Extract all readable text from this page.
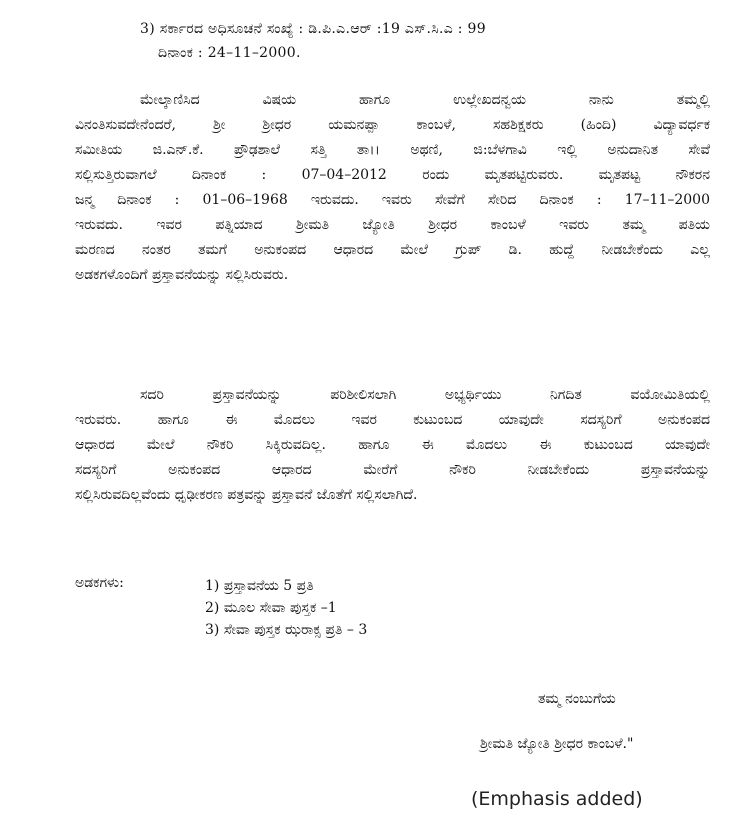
3) ಸರ್ಕಾರದ ಅಧಿಸೂಚನೆ ಸಂಖ್ಯೆ : ಡಿ.ಪಿ.ಎ.ಆರ್ :19 ಎಸ್.ಸಿ.ಎ : 99
ದಿನಾಂಕ : 24–11–2000.

ಮೇಲ್ಕಾಣಿಸಿದ ವಿಷಯ ಹಾಗೂ ಉಲ್ಲೇಖದನ್ವಯ ನಾನು ತಮ್ಮಲ್ಲಿ
ವಿನಂತಿಸುವದೇನೆಂದರೆ, ಶ್ರೀ ಶ್ರೀಧರ ಯಮನಪ್ಪಾ ಕಾಂಬಳೆ, ಸಹಶಿಕ್ಷಕರು (ಹಿಂದಿ) ವಿದ್ಯಾವರ್ಧಕ
ಸಮೀತಿಯ ಜಿ.ಎನ್.ಕೆ. ಪ್ರೌಢಶಾಲೆ ಸತ್ತಿ ತಾ।। ಅಥಣಿ, ಜಿ:ಬೆಳಗಾವಿ ಇಲ್ಲಿ ಅನುದಾನಿತ ಸೇವೆ
ಸಲ್ಲಿಸುತ್ತಿರುವಾಗಲೆ ದಿನಾಂಕ : 07–04–2012 ರಂದು ಮೃತಪಟ್ಟಿರುವರು. ಮೃತಪಟ್ಟ ನೌಕರನ
ಜನ್ಮ ದಿನಾಂಕ : 01–06–1968 ಇರುವದು. ಇವರು ಸೇವೆಗೆ ಸೇರಿದ ದಿನಾಂಕ : 17–11–2000
ಇರುವದು. ಇವರ ಪತ್ನಿಯಾದ ಶ್ರೀಮತಿ ಜ್ಯೋತಿ ಶ್ರೀಧರ ಕಾಂಬಳೆ ಇವರು ತಮ್ಮ ಪತಿಯ
ಮರಣದ ನಂತರ ತಮಗೆ ಅನುಕಂಪದ ಆಧಾರದ ಮೇಲೆ ಗ್ರುಪ್ ಡಿ. ಹುದ್ದೆ ನೀಡಬೇಕೆಂದು ಎಲ್ಲ
ಅಡಕಗಳೊಂದಿಗೆ ಪ್ರಸ್ತಾವನೆಯನ್ನು ಸಲ್ಲಿಸಿರುವರು.

ಸದರಿ ಪ್ರಸ್ತಾವನೆಯನ್ನು ಪರಿಶೀಲಿಸಲಾಗಿ ಅಭ್ಯರ್ಥಿಯು ನಿಗದಿತ ವಯೋಮಿತಿಯಲ್ಲಿ
ಇರುವರು. ಹಾಗೂ ಈ ಮೊದಲು ಇವರ ಕುಟುಂಬದ ಯಾವುದೇ ಸದಸ್ಯರಿಗೆ ಅನುಕಂಪದ
ಆಧಾರದ ಮೇಲೆ ನೌಕರಿ ಸಿಕ್ಕಿರುವದಿಲ್ಲ. ಹಾಗೂ ಈ ಮೊದಲು ಈ ಕುಟುಂಬದ ಯಾವುದೇ
ಸದಸ್ಯರಿಗೆ ಅನುಕಂಪದ ಆಧಾರದ ಮೇರೆಗೆ ನೌಕರಿ ನೀಡಬೇಕೆಂದು ಪ್ರಸ್ತಾವನೆಯನ್ನು
ಸಲ್ಲಿಸಿರುವದಿಲ್ಲವೆಂದು ಧೃಢೀಕರಣ ಪತ್ರವನ್ನು ಪ್ರಸ್ತಾವನೆ ಜೊತೆಗೆ ಸಲ್ಲಿಸಲಾಗಿದೆ.

ಅಡಕಗಳು:	1) ಪ್ರಸ್ತಾವನೆಯ 5 ಪ್ರತಿ
2) ಮೂಲ ಸೇವಾ ಪುಸ್ತಕ –1
3) ಸೇವಾ ಪುಸ್ತಕ ಝರಾಕ್ಸ ಪ್ರತಿ – 3
ತಮ್ಮ ನಂಬುಗೆಯ
ಶ್ರೀಮತಿ ಜ್ಯೋತಿ ಶ್ರೀಧರ ಕಾಂಬಳೆ."
(Emphasis added)
